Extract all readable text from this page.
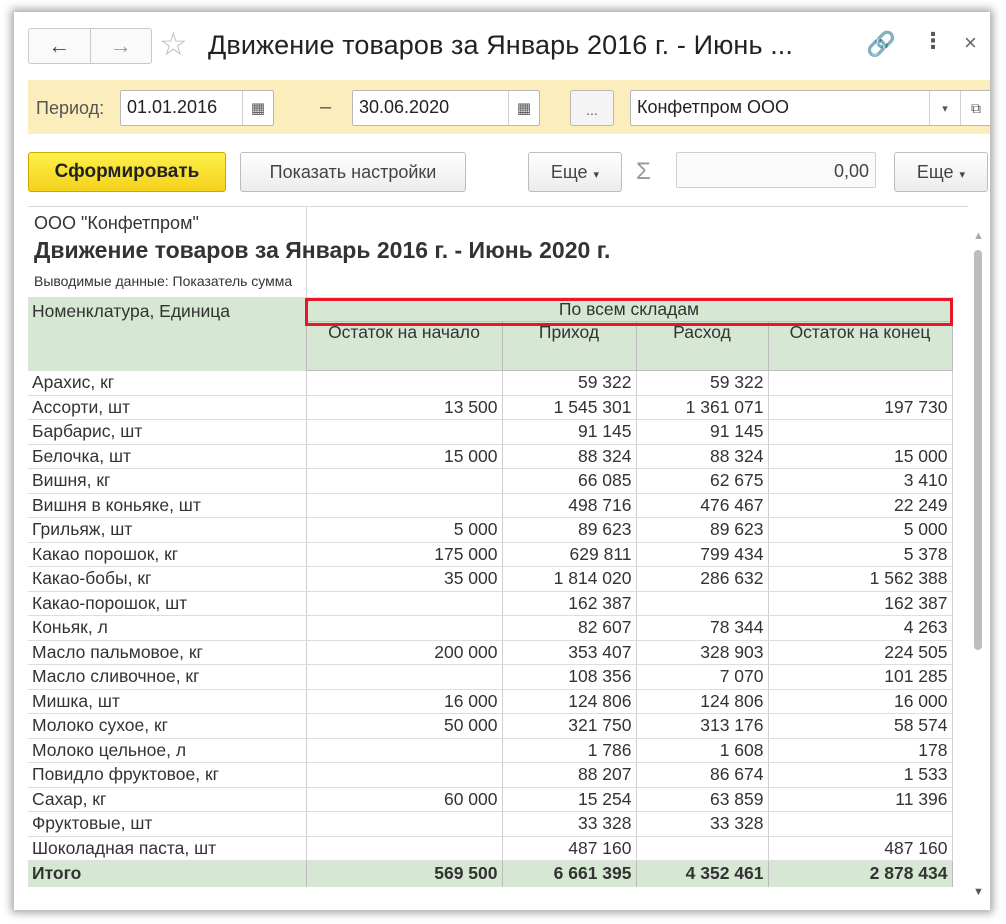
← → ☆ Движение товаров за Январь 2016 г. - Июнь ...	🔗 ⋮ ×
Период:	01.01.2016	▦	–	30.06.2020	▦	...	Конфетпром ООО	▾	⧉
Сформировать	Показать настройки	Еще ▾	Σ	0,00	Еще ▾
ООО "Конфетпром"
Движение товаров за Январь 2016 г. - Июнь 2020 г.
Выводимые данные: Показатель сумма
Номенклатура, Единица	По всем складам			
	Остаток на начало	Приход	Расход	Остаток на конец

Арахис, кг		59 322	59 322	
Ассорти, шт	13 500	1 545 301	1 361 071	197 730
Барбарис, шт		91 145	91 145	
Белочка, шт	15 000	88 324	88 324	15 000
Вишня, кг		66 085	62 675	3 410
Вишня в коньяке, шт		498 716	476 467	22 249
Грильяж, шт	5 000	89 623	89 623	5 000
Какао порошок, кг	175 000	629 811	799 434	5 378
Какао-бобы, кг	35 000	1 814 020	286 632	1 562 388
Какао-порошок, шт		162 387		162 387
Коньяк, л		82 607	78 344	4 263
Масло пальмовое, кг	200 000	353 407	328 903	224 505
Масло сливочное, кг		108 356	7 070	101 285
Мишка, шт	16 000	124 806	124 806	16 000
Молоко сухое, кг	50 000	321 750	313 176	58 574
Молоко цельное, л		1 786	1 608	178
Повидло фруктовое, кг		88 207	86 674	1 533
Сахар, кг	60 000	15 254	63 859	11 396
Фруктовые, шт		33 328	33 328	
Шоколадная паста, шт		487 160		487 160
Итого	569 500	6 661 395	4 352 461	2 878 434
▲
▼
